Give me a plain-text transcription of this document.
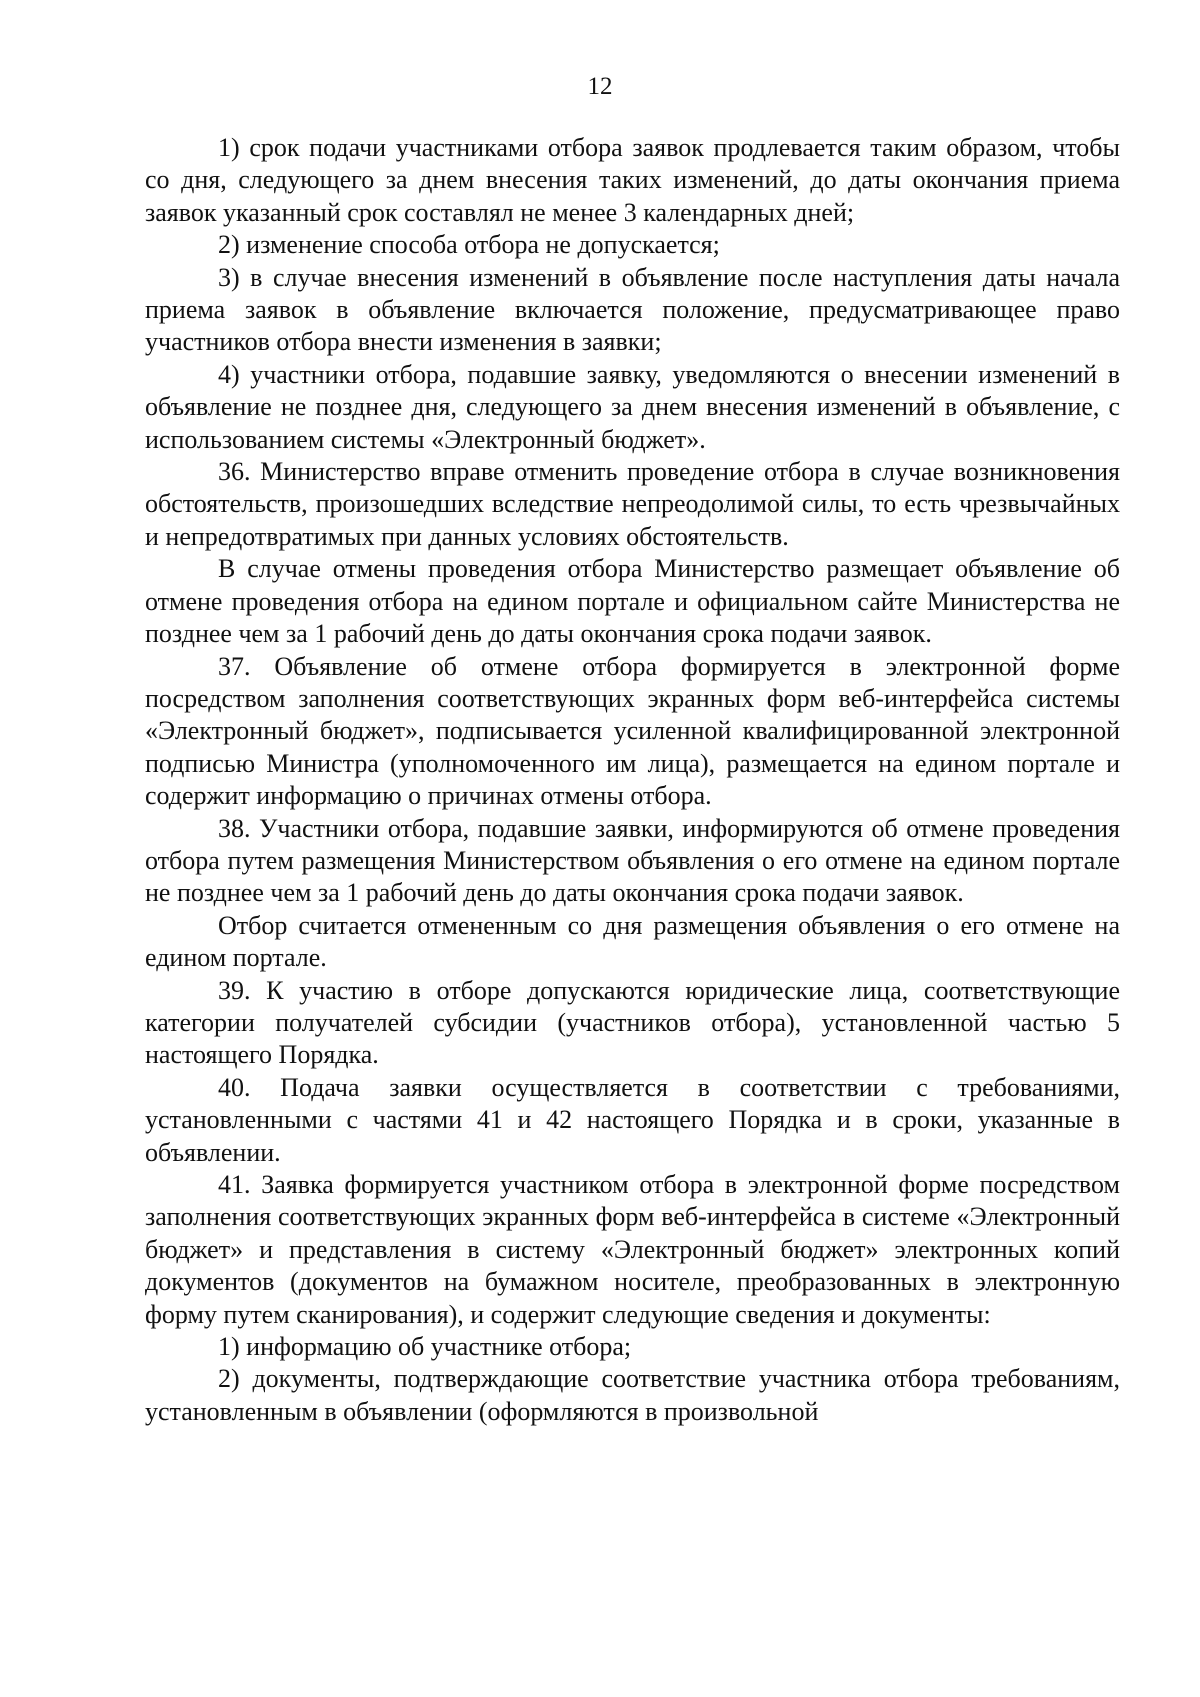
12

1) срок подачи участниками отбора заявок продлевается таким образом, чтобы со дня, следующего за днем внесения таких изменений, до даты окончания приема заявок указанный срок составлял не менее 3 календарных дней;

2) изменение способа отбора не допускается;

3) в случае внесения изменений в объявление после наступления даты начала приема заявок в объявление включается положение, предусматривающее право участников отбора внести изменения в заявки;

4) участники отбора, подавшие заявку, уведомляются о внесении изменений в объявление не позднее дня, следующего за днем внесения изменений в объявление, с использованием системы «Электронный бюджет».

36. Министерство вправе отменить проведение отбора в случае возникновения обстоятельств, произошедших вследствие непреодолимой силы, то есть чрезвычайных и непредотвратимых при данных условиях обстоятельств.

В случае отмены проведения отбора Министерство размещает объявление об отмене проведения отбора на едином портале и официальном сайте Министерства не позднее чем за 1 рабочий день до даты окончания срока подачи заявок.

37. Объявление об отмене отбора формируется в электронной форме посредством заполнения соответствующих экранных форм веб-интерфейса системы «Электронный бюджет», подписывается усиленной квалифицированной электронной подписью Министра (уполномоченного им лица), размещается на едином портале и содержит информацию о причинах отмены отбора.

38. Участники отбора, подавшие заявки, информируются об отмене проведения отбора путем размещения Министерством объявления о его отмене на едином портале не позднее чем за 1 рабочий день до даты окончания срока подачи заявок.

Отбор считается отмененным со дня размещения объявления о его отмене на едином портале.

39. К участию в отборе допускаются юридические лица, соответствующие категории получателей субсидии (участников отбора), установленной частью 5 настоящего Порядка.

40. Подача заявки осуществляется в соответствии с требованиями, установленными с частями 41 и 42 настоящего Порядка и в сроки, указанные в объявлении.

41. Заявка формируется участником отбора в электронной форме посредством заполнения соответствующих экранных форм веб-интерфейса в системе «Электронный бюджет» и представления в систему «Электронный бюджет» электронных копий документов (документов на бумажном носителе, преобразованных в электронную форму путем сканирования), и содержит следующие сведения и документы:

1) информацию об участнике отбора;

2) документы, подтверждающие соответствие участника отбора требованиям, установленным в объявлении (оформляются в произвольной
